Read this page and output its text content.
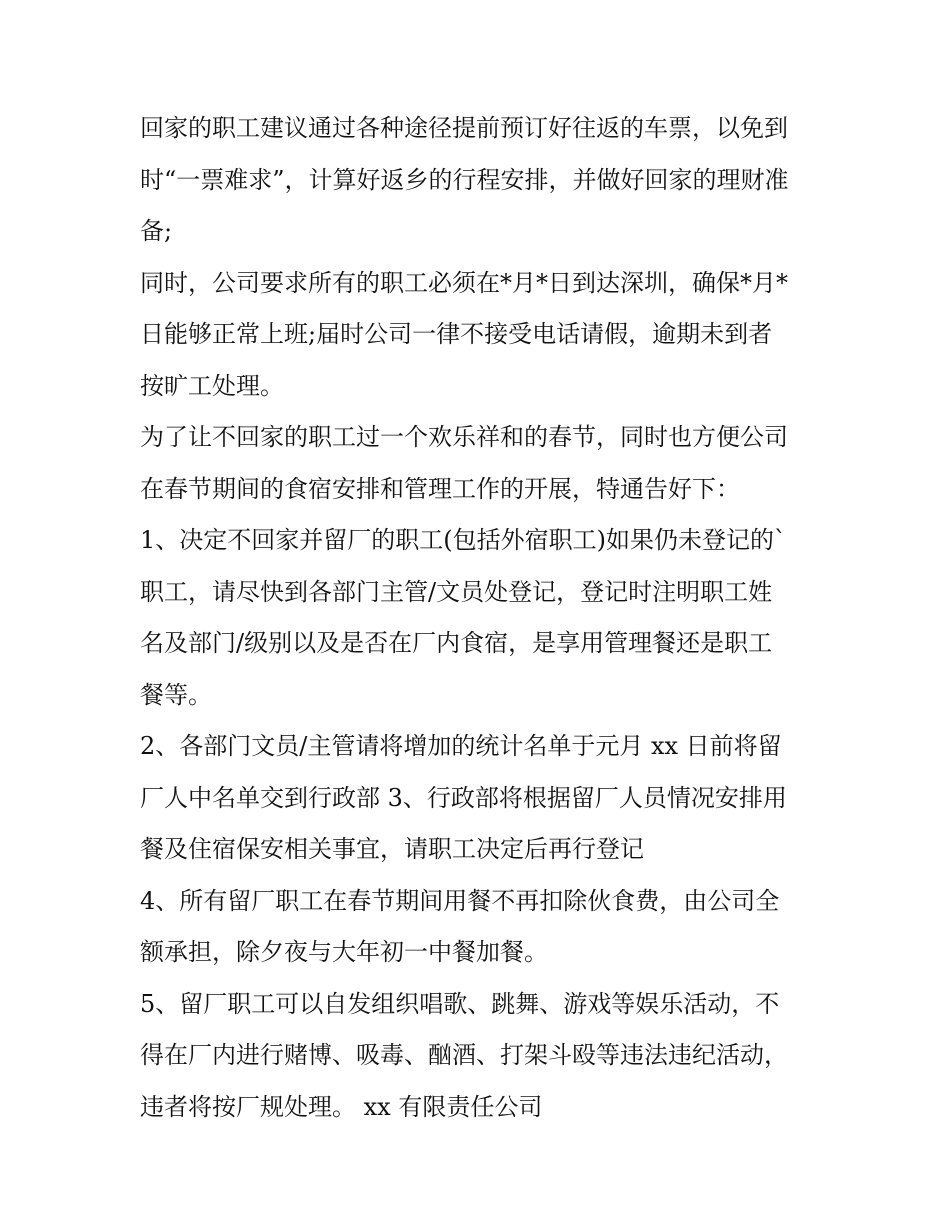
回家的职工建议通过各种途径提前预订好往返的车票，以免到
时“一票难求”，计算好返乡的行程安排，并做好回家的理财准
备;

同时，公司要求所有的职工必须在*月*日到达深圳，确保*月*
日能够正常上班;届时公司一律不接受电话请假，逾期未到者
按旷工处理。

为了让不回家的职工过一个欢乐祥和的春节，同时也方便公司
在春节期间的食宿安排和管理工作的开展，特通告好下：

1、决定不回家并留厂的职工(包括外宿职工)如果仍未登记的`
职工，请尽快到各部门主管/文员处登记，登记时注明职工姓
名及部门/级别以及是否在厂内食宿，是享用管理餐还是职工
餐等。

2、各部门文员/主管请将增加的统计名单于元月 xx 日前将留
厂人中名单交到行政部 3、行政部将根据留厂人员情况安排用
餐及住宿保安相关事宜，请职工决定后再行登记

4、所有留厂职工在春节期间用餐不再扣除伙食费，由公司全
额承担，除夕夜与大年初一中餐加餐。

5、留厂职工可以自发组织唱歌、跳舞、游戏等娱乐活动，不
得在厂内进行赌博、吸毒、酗酒、打架斗殴等违法违纪活动，
违者将按厂规处理。 xx 有限责任公司
